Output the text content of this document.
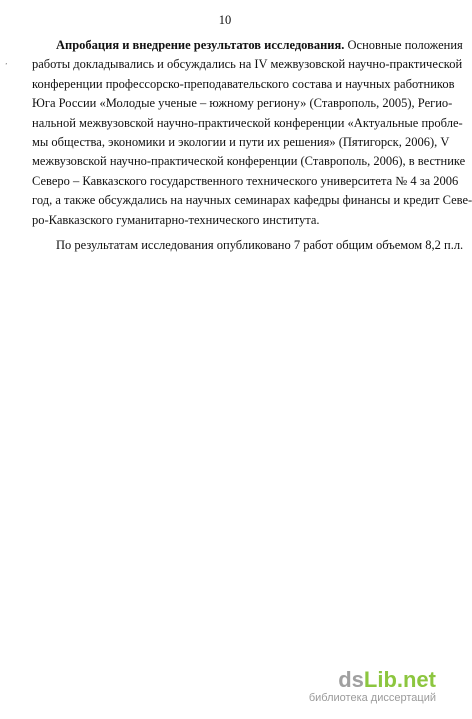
10
ʼ
Апробация и внедрение результатов исследования. Основные положения
работы докладывались и обсуждались на IV межвузовской научно-практической
конференции профессорско-преподавательского состава и научных работников
Юга России «Молодые ученые – южному региону» (Ставрополь, 2005), Регио-
нальной межвузовской научно-практической конференции «Актуальные пробле-
мы общества, экономики и экологии и пути их решения» (Пятигорск, 2006), V
межвузовской научно-практической конференции (Ставрополь, 2006), в вестнике
Северо – Кавказского государственного технического университета № 4 за 2006
год, а также обсуждались на научных семинарах кафедры финансы и кредит Севе-
ро-Кавказского гуманитарно-технического института.
По результатам исследования опубликовано 7 работ общим объемом 8,2 п.л.
dsLib.net
библиотека диссертаций
